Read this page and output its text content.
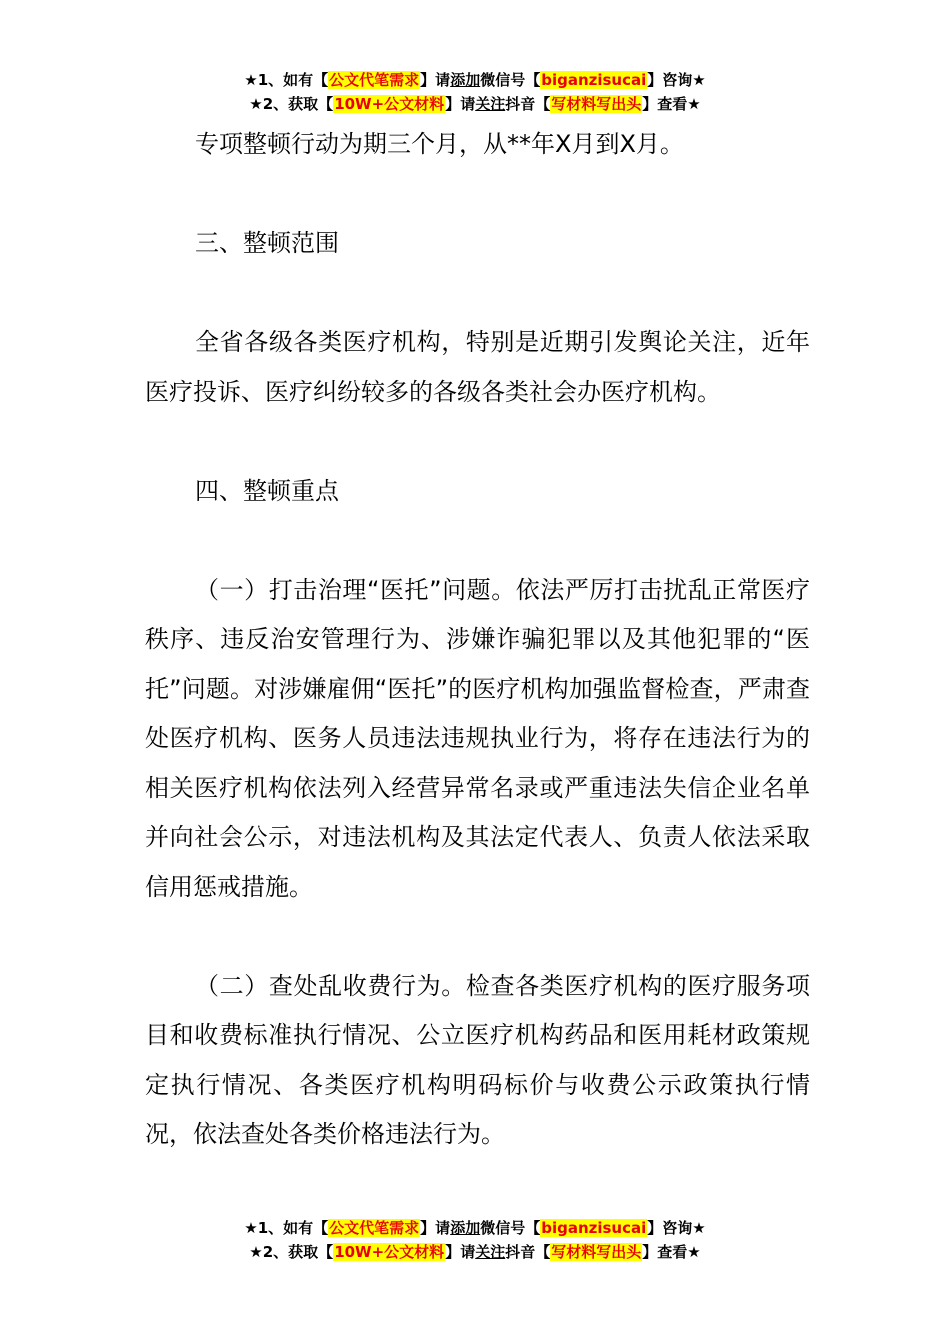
★1、如有【公文代笔需求】请添加微信号【biganzisucai】咨询★
★2、获取【10W+公文材料】请关注抖音【写材料写出头】查看★

专项整顿行动为期三个月，从**年X月到X月。

三、整顿范围

全省各级各类医疗机构，特别是近期引发舆论关注，近年医疗投诉、医疗纠纷较多的各级各类社会办医疗机构。

四、整顿重点

（一）打击治理“医托”问题。依法严厉打击扰乱正常医疗秩序、违反治安管理行为、涉嫌诈骗犯罪以及其他犯罪的“医托”问题。对涉嫌雇佣“医托”的医疗机构加强监督检查，严肃查处医疗机构、医务人员违法违规执业行为，将存在违法行为的相关医疗机构依法列入经营异常名录或严重违法失信企业名单并向社会公示，对违法机构及其法定代表人、负责人依法采取信用惩戒措施。

（二）查处乱收费行为。检查各类医疗机构的医疗服务项目和收费标准执行情况、公立医疗机构药品和医用耗材政策规定执行情况、各类医疗机构明码标价与收费公示政策执行情况，依法查处各类价格违法行为。

★1、如有【公文代笔需求】请添加微信号【biganzisucai】咨询★
★2、获取【10W+公文材料】请关注抖音【写材料写出头】查看★
